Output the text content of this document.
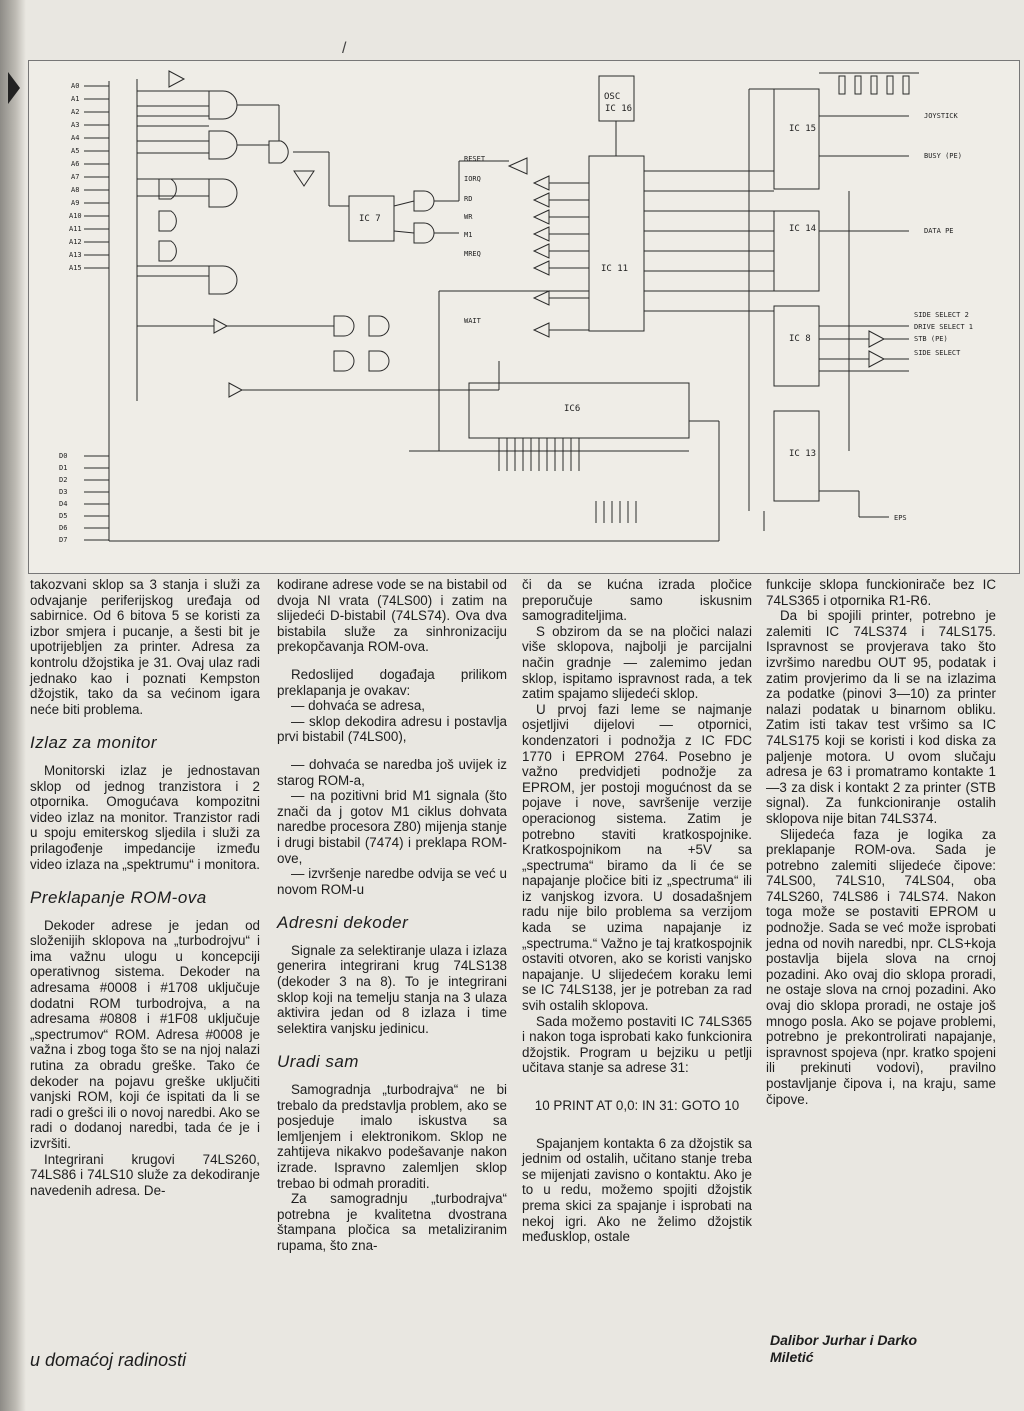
/
OSC
IC 16
IC 7
IC 11
IC6
IC 15
IC 14
IC 8
IC 13
A0
A1
A2
A3
A4
A5
A6
A7
A8
A9
A10
A11
A12
A13
A15
D0
D1
D2
D3
D4
D5
D6
D7
RESET
IORQ
RD
WR
M1
MREQ
WAIT
JOYSTICK
BUSY (PE)
DATA PE
SIDE SELECT 2
DRIVE SELECT 1
STB (PE)
SIDE SELECT
EPS

takozvani sklop sa 3 stanja i služi za odvajanje periferijskog uređaja od sabirnice. Od 6 bitova 5 se koristi za izbor smjera i pucanje, a šesti bit je upotrijebljen za printer. Adresa za kontrolu džojstika je 31. Ovaj ulaz radi jednako kao i poznati Kempston džojstik, tako da sa većinom igara neće biti problema.

Izlaz za monitor

Monitorski izlaz je jednostavan sklop od jednog tranzistora i 2 otpornika. Omogućava kompozitni video izlaz na monitor. Tranzistor radi u spoju emiterskog sljedila i služi za prilagođenje impedancije između video izlaza na „spektrumu“ i monitora.

Preklapanje ROM-ova

Dekoder adrese je jedan od složenijih sklopova na „turbodrojvu“ i ima važnu ulogu u koncepciji operativnog sistema. Dekoder na adresama #0008 i #1708 uključuje dodatni ROM turbodrojva, a na adresama #0808 i #1F08 uključuje „spectrumov“ ROM. Adresa #0008 je važna i zbog toga što se na njoj nalazi rutina za obradu greške. Tako će dekoder na pojavu greške uključiti vanjski ROM, koji će ispitati da li se radi o grešci ili o novoj naredbi. Ako se radi o dodanoj naredbi, tada će je i izvršiti.

Integrirani krugovi 74LS260, 74LS86 i 74LS10 služe za dekodiranje navedenih adresa. De-

kodirane adrese vode se na bistabil od dvoja NI vrata (74LS00) i zatim na slijedeći D-bistabil (74LS74). Ova dva bistabila služe za sinhronizaciju prekopčavanja ROM-ova.

Redoslijed događaja prilikom preklapanja je ovakav:

— dohvaća se adresa,

— sklop dekodira adresu i postavlja prvi bistabil (74LS00),

— dohvaća se naredba još uvijek iz starog ROM-a,

— na pozitivni brid M1 signala (što znači da j gotov M1 ciklus dohvata naredbe procesora Z80) mijenja stanje i drugi bistabil (7474) i preklapa ROM-ove,

— izvršenje naredbe odvija se već u novom ROM-u

Adresni dekoder

Signale za selektiranje ulaza i izlaza generira integrirani krug 74LS138 (dekoder 3 na 8). To je integrirani sklop koji na temelju stanja na 3 ulaza aktivira jedan od 8 izlaza i time selektira vanjsku jedinicu.

Uradi sam

Samogradnja „turbodrajva“ ne bi trebalo da predstavlja problem, ako se posjeduje imalo iskustva sa lemljenjem i elektronikom. Sklop ne zahtijeva nikakvo podešavanje nakon izrade. Ispravno zalemljen sklop trebao bi odmah proraditi.

Za samogradnju „turbodrajva“ potrebna je kvalitetna dvostrana štampana pločica sa metaliziranim rupama, što zna-

či da se kućna izrada pločice preporučuje samo iskusnim samograditeljima.

S obzirom da se na pločici nalazi više sklopova, najbolji je parcijalni način gradnje — zalemimo jedan sklop, ispitamo ispravnost rada, a tek zatim spajamo slijedeći sklop.

U prvoj fazi leme se najmanje osjetljivi dijelovi — otpornici, kondenzatori i podnožja z IC FDC 1770 i EPROM 2764. Posebno je važno predvidjeti podnožje za EPROM, jer postoji mogućnost da se pojave i nove, savršenije verzije operacionog sistema. Zatim je potrebno staviti kratkospojnike. Kratkospojnikom na +5V sa „spectruma“ biramo da li će se napajanje pločice biti iz „spectruma“ ili iz vanjskog izvora. U dosadašnjem radu nije bilo problema sa verzijom kada se uzima napajanje iz „spectruma.“ Važno je taj kratkospojnik ostaviti otvoren, ako se koristi vanjsko napajanje. U slijedećem koraku lemi se IC 74LS138, jer je potreban za rad svih ostalih sklopova.

Sada možemo postaviti IC 74LS365 i nakon toga isprobati kako funkcionira džojstik. Program u bejziku u petlji učitava stanje sa adrese 31:

10 PRINT AT 0,0: IN 31: GOTO 10

Spajanjem kontakta 6 za džojstik sa jednim od ostalih, učitano stanje treba se mijenjati zavisno o kontaktu. Ako je to u redu, možemo spojiti džojstik prema skici za spajanje i isprobati na nekoj igri. Ako ne želimo džojstik međusklop, ostale

funkcije sklopa funckionirače bez IC 74LS365 i otpornika R1-R6.

Da bi spojili printer, potrebno je zalemiti IC 74LS374 i 74LS175. Ispravnost se provjerava tako što izvršimo naredbu OUT 95, podatak i zatim provjerimo da li se na izlazima za podatke (pinovi 3—10) za printer nalazi podatak u binarnom obliku. Zatim isti takav test vršimo sa IC 74LS175 koji se koristi i kod diska za paljenje motora. U ovom slučaju adresa je 63 i promatramo kontakte 1—3 za disk i kontakt 2 za printer (STB signal). Za funkcioniranje ostalih sklopova nije bitan 74LS374.

Slijedeća faza je logika za preklapanje ROM-ova. Sada je potrebno zalemiti slijedeće čipove: 74LS00, 74LS10, 74LS04, oba 74LS260, 74LS86 i 74LS74. Nakon toga može se postaviti EPROM u podnožje. Sada se već može isprobati jedna od novih naredbi, npr. CLS+koja postavlja bijela slova na crnoj pozadini. Ako ovaj dio sklopa proradi, ne ostaje slova na crnoj pozadini. Ako ovaj dio sklopa proradi, ne ostaje još mnogo posla. Ako se pojave problemi, potrebno je prekontrolirati napajanje, ispravnost spojeva (npr. kratko spojeni ili prekinuti vodovi), pravilno postavljanje čipova i, na kraju, same čipove.

u domaćoj radinosti
Dalibor Jurhar i Darko
Miletić
